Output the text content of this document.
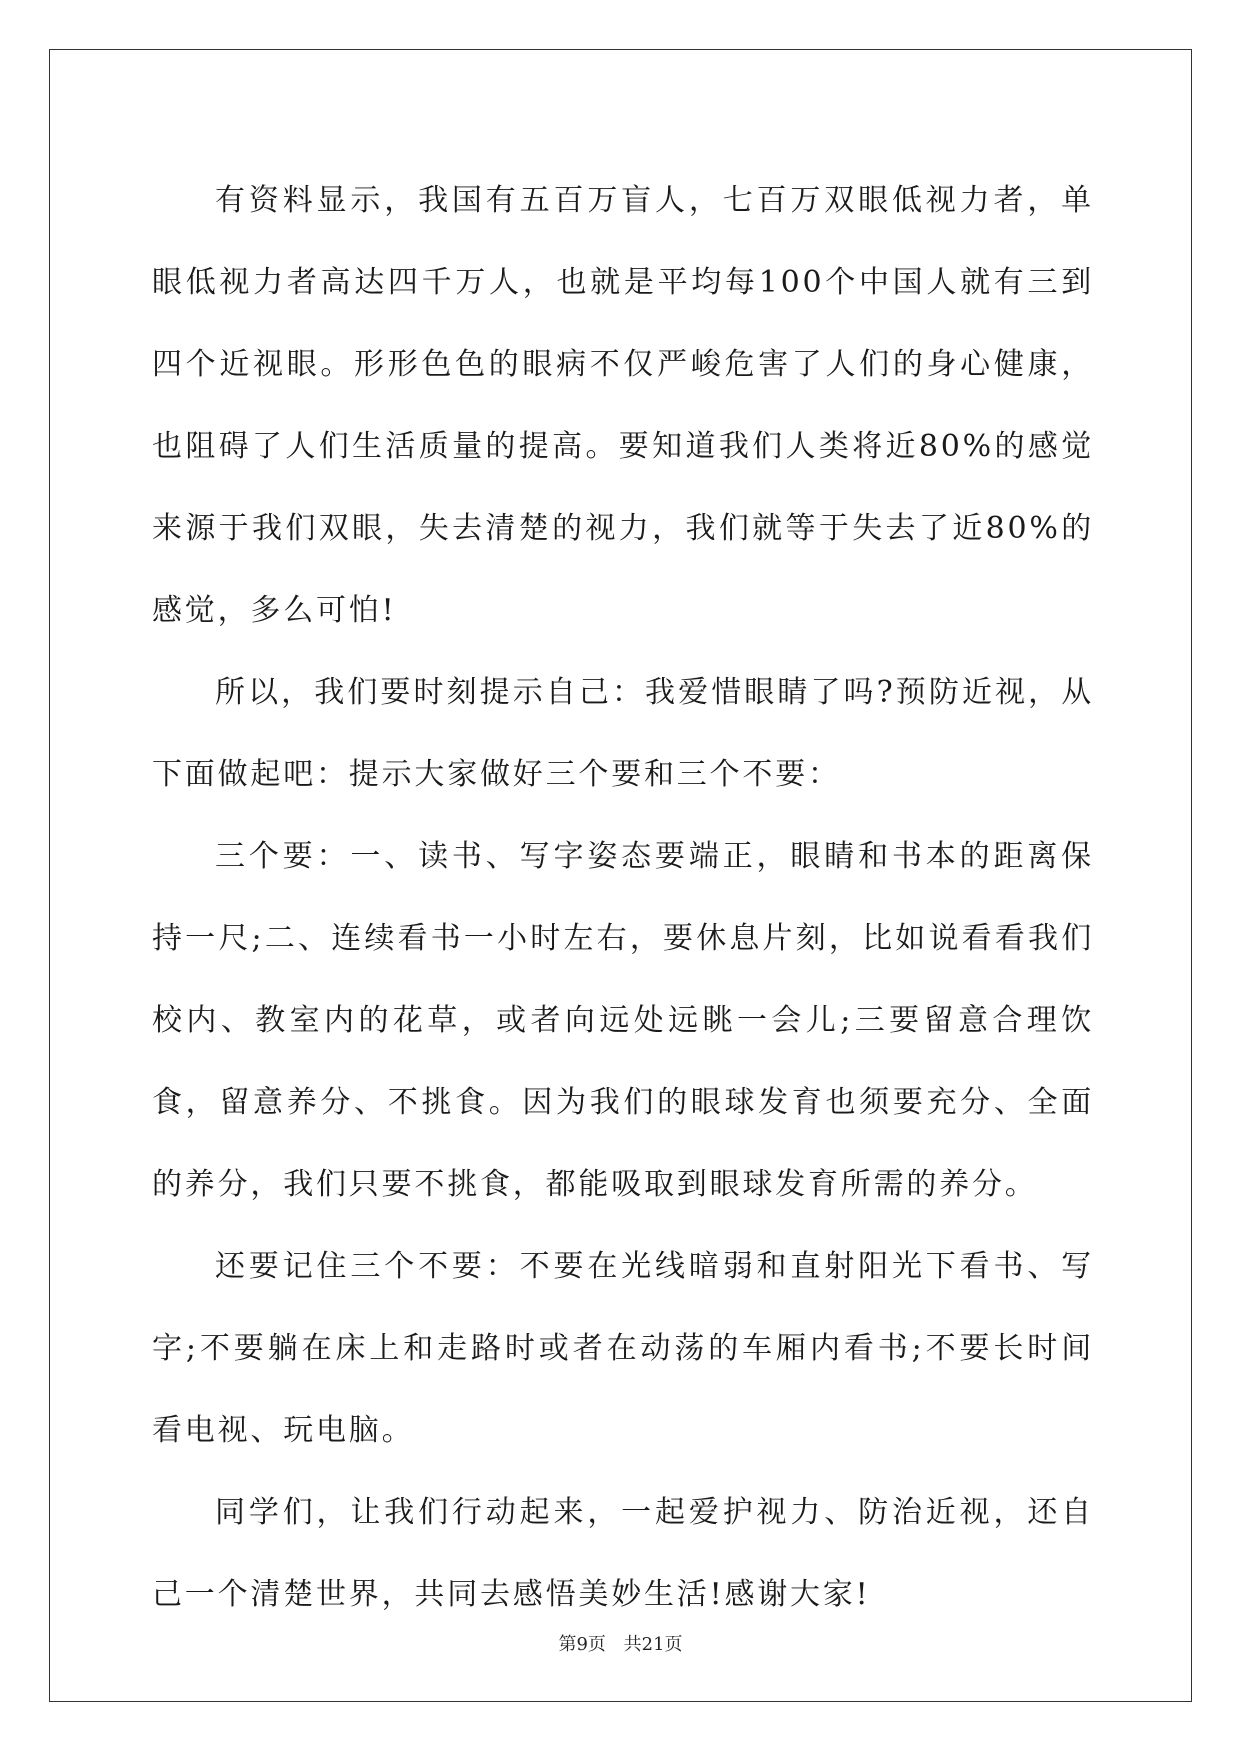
有资料显示，我国有五百万盲人，七百万双眼低视力者，单眼低视力者高达四千万人，也就是平均每100个中国人就有三到四个近视眼。形形色色的眼病不仅严峻危害了人们的身心健康，也阻碍了人们生活质量的提高。要知道我们人类将近80%的感觉来源于我们双眼，失去清楚的视力，我们就等于失去了近80%的感觉，多么可怕!

所以，我们要时刻提示自己：我爱惜眼睛了吗?预防近视，从下面做起吧：提示大家做好三个要和三个不要：

三个要：一、读书、写字姿态要端正，眼睛和书本的距离保持一尺;二、连续看书一小时左右，要休息片刻，比如说看看我们校内、教室内的花草，或者向远处远眺一会儿;三要留意合理饮食，留意养分、不挑食。因为我们的眼球发育也须要充分、全面的养分，我们只要不挑食，都能吸取到眼球发育所需的养分。

还要记住三个不要：不要在光线暗弱和直射阳光下看书、写字;不要躺在床上和走路时或者在动荡的车厢内看书;不要长时间看电视、玩电脑。

同学们，让我们行动起来，一起爱护视力、防治近视，还自己一个清楚世界，共同去感悟美妙生活!感谢大家!

第9页 共21页
